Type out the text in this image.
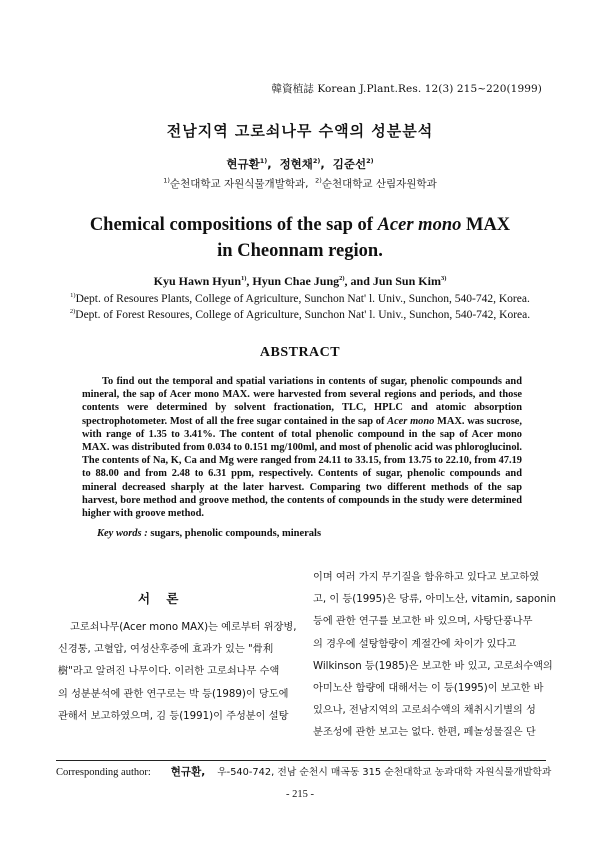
韓資植誌 Korean J.Plant.Res. 12(3) 215~220(1999)
전남지역 고로쇠나무 수액의 성분분석
현규환$^{1)}$,  정현채$^{2)}$,  김준선$^{2)}$
$^{1)}$순천대학교 자원식물개발학과, $^{2)}$순천대학교 산림자원학과
Chemical compositions of the sap of Acer mono MAX
in Cheonnam region.
Kyu Hawn Hyun$^{1)}$, Hyun Chae Jung$^{2)}$, and Jun Sun Kim$^{3)}$
$^{1)}$Dept. of Resoures Plants, College of Agriculture, Sunchon Nat' l. Univ., Sunchon, 540-742, Korea.
$^{2)}$Dept. of Forest Resoures, College of Agriculture, Sunchon Nat' l. Univ., Sunchon, 540-742, Korea.
ABSTRACT

To find out the temporal and spatial variations in contents of sugar, phenolic compounds and mineral, the sap of Acer mono MAX. were harvested from several regions and periods, and those contents were determined by solvent fractionation, TLC, HPLC and atomic absorption spectrophotometer. Most of all the free sugar contained in the sap of Acer mono MAX. was sucrose, with range of 1.35 to 3.41%. The content of total phenolic compound in the sap of Acer mono MAX. was distributed from 0.034 to 0.151 mg/100ml, and most of phenolic acid was phloroglucinol. The contents of Na, K, Ca and Mg were ranged from 24.11 to 33.15, from 13.75 to 22.10, from 47.19 to 88.00 and from 2.48 to 6.31 ppm, respectively. Contents of sugar, phenolic compounds and mineral decreased sharply at the later harvest. Comparing two different methods of the sap harvest, bore method and groove method, the contents of compounds in the study were determined higher with groove method.

Key words : sugars, phenolic compounds, minerals
서 론
고로쇠나무(Acer mono MAX)는 예로부터 위장병,
신경통, 고혈압, 여성산후증에 효과가 있는 "骨利
樹"라고 알려진 나무이다. 이러한 고로쇠나무 수액
의 성분분석에 관한 연구로는 박 등(1989)이 당도에
관해서 보고하였으며, 김 등(1991)이 주성분이 설탕
이며 여러 가지 무기질을 함유하고 있다고 보고하였
고, 이 등(1995)은 당류, 아미노산, vitamin, saponin
등에 관한 연구를 보고한 바 있으며, 사탕단풍나무
의 경우에 설탕함량이 계절간에 차이가 있다고
Wilkinson 등(1985)은 보고한 바 있고, 고로쇠수액의
아미노산 함량에 대해서는 이 등(1995)이 보고한 바
있으나, 전남지역의 고로쇠수액의 채취시기별의 성
분조성에 관한 보고는 없다. 한편, 페놀성물질은 단
Corresponding author: 현규환, 우-540-742, 전남 순천시 매곡동 315 순천대학교 농과대학 자원식물개발학과
- 215 -
